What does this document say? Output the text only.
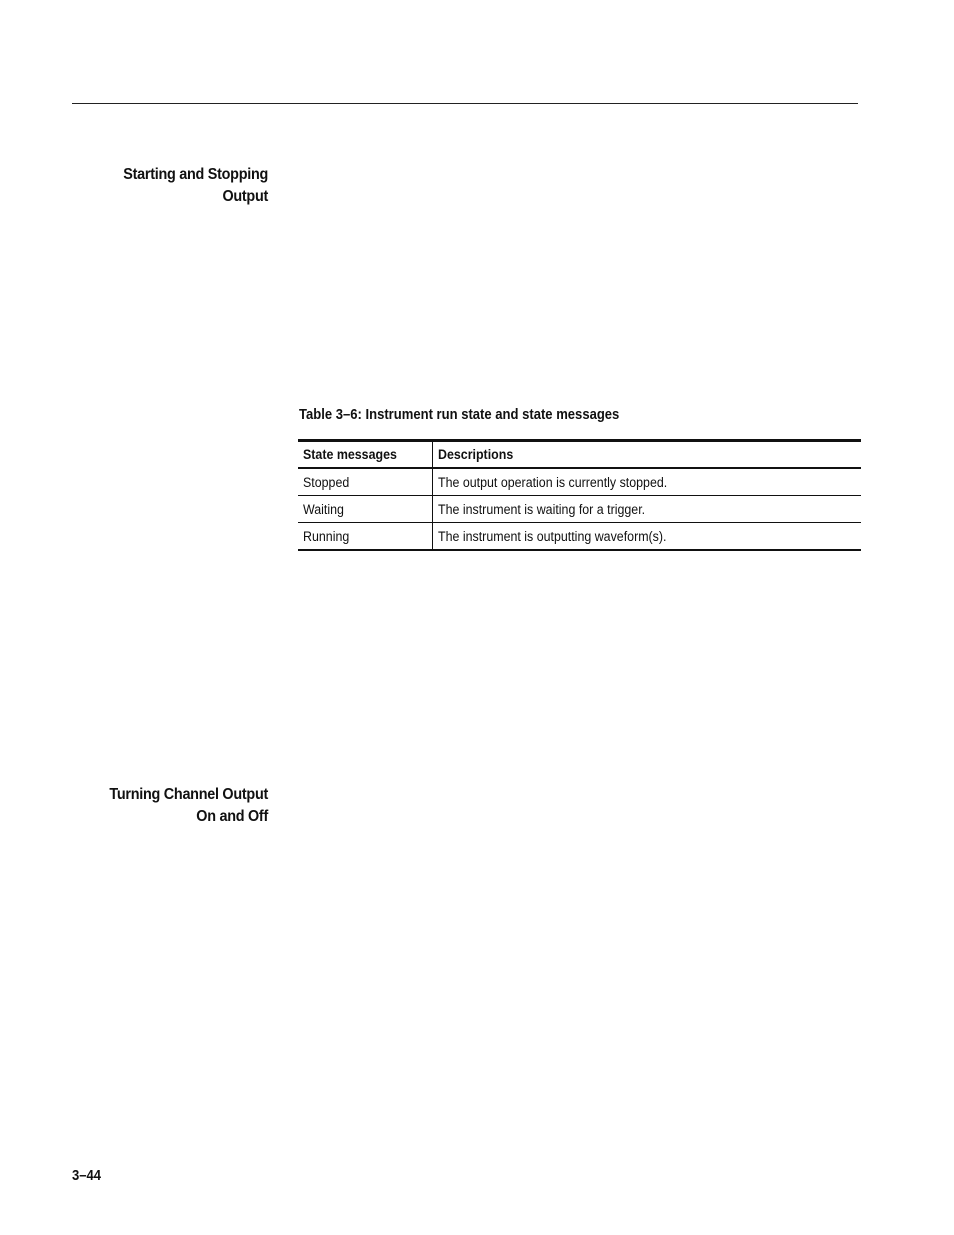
Starting and Stopping
Output
Table 3–6: Instrument run state and state messages
State messages	Descriptions
Stopped	The output operation is currently stopped.
Waiting	The instrument is waiting for a trigger.
Running	The instrument is outputting waveform(s).
Turning Channel Output
On and Off
3–44
